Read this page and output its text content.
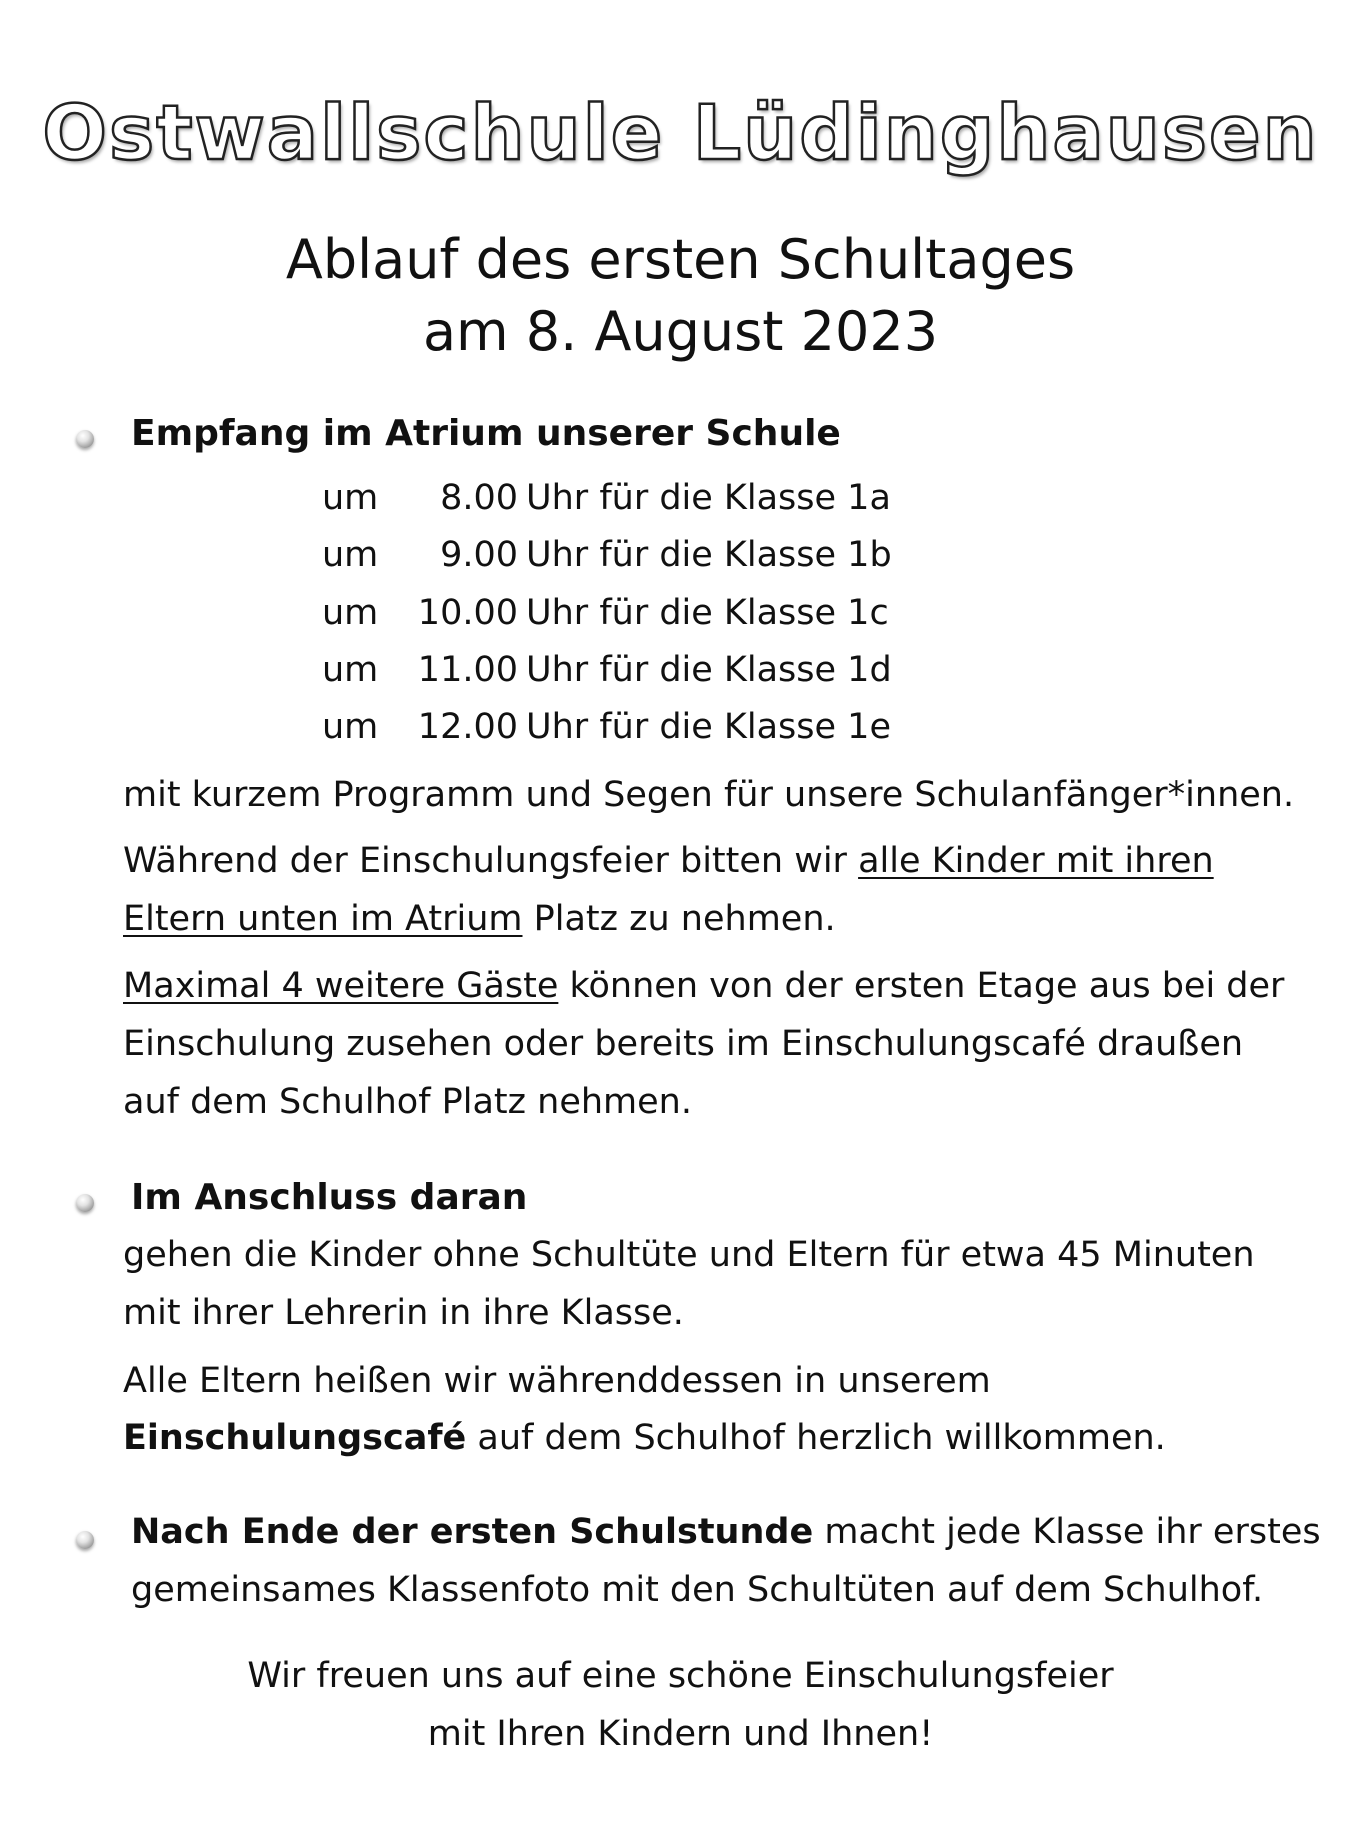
Ostwallschule Lüdinghausen
Ablauf des ersten Schultages
am 8. August 2023
Empfang im Atrium unserer Schule
um 8.00 Uhr für die Klasse 1a
um 9.00 Uhr für die Klasse 1b
um 10.00 Uhr für die Klasse 1c
um 11.00 Uhr für die Klasse 1d
um 12.00 Uhr für die Klasse 1e
mit kurzem Programm und Segen für unsere Schulanfänger*innen.
Während der Einschulungsfeier bitten wir alle Kinder mit ihren
Eltern unten im Atrium Platz zu nehmen.
Maximal 4 weitere Gäste können von der ersten Etage aus bei der
Einschulung zusehen oder bereits im Einschulungscafé draußen
auf dem Schulhof Platz nehmen.
Im Anschluss daran
gehen die Kinder ohne Schultüte und Eltern für etwa 45 Minuten
mit ihrer Lehrerin in ihre Klasse.
Alle Eltern heißen wir währenddessen in unserem
Einschulungscafé auf dem Schulhof herzlich willkommen.
Nach Ende der ersten Schulstunde macht jede Klasse ihr erstes
gemeinsames Klassenfoto mit den Schultüten auf dem Schulhof.
Wir freuen uns auf eine schöne Einschulungsfeier
mit Ihren Kindern und Ihnen!
